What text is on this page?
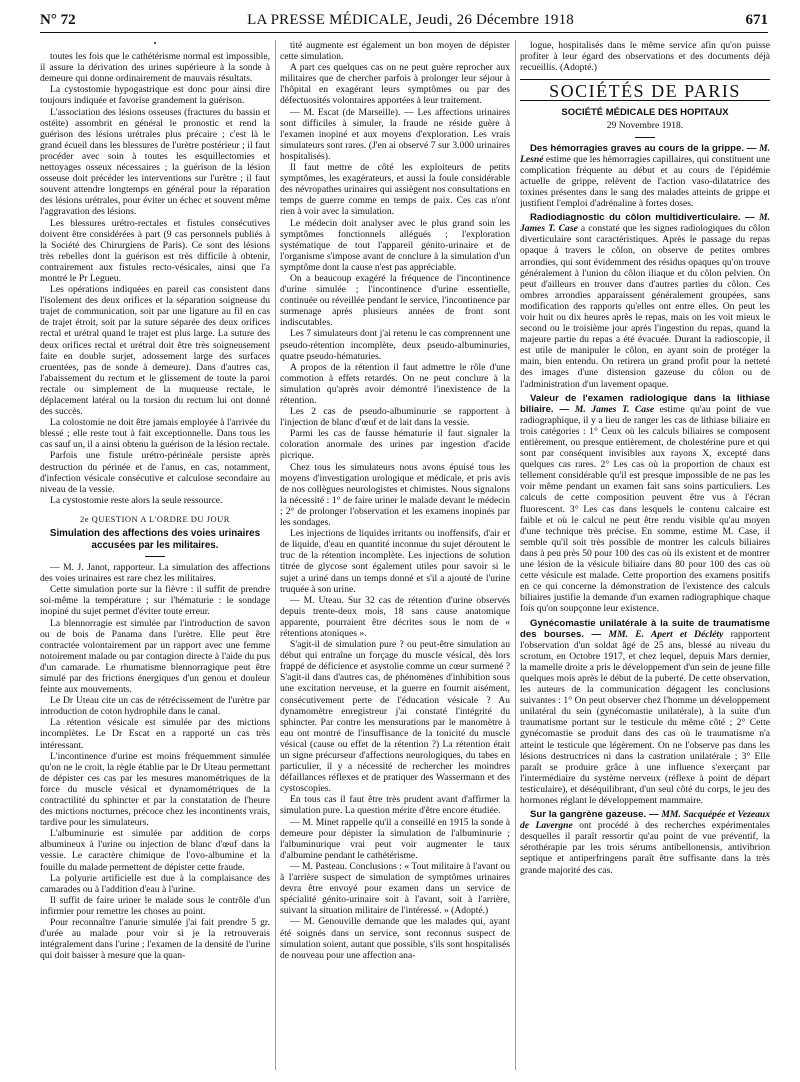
N° 72	LA PRESSE MÉDICALE, Jeudi, 26 Décembre 1918	671
•

toutes les fois que le cathétérisme normal est impossible, il assure la dérivation des urines supérieure à la sonde à demeure qui donne ordinairement de mauvais résultats.

La cystostomie hypogastrique est donc pour ainsi dire toujours indiquée et favorise grandement la guérison.

L'association des lésions osseuses (fractures du bassin et ostéite) assombrit en général le pronostic et rend la guérison des lésions urétrales plus précaire ; c'est là le grand écueil dans les blessures de l'urètre postérieur ; il faut procéder avec soin à toutes les esquillectomies et nettoyages osseux nécessaires ; la guérison de la lésion osseuse doit précéder les interventions sur l'urètre ; il faut souvent attendre longtemps en général pour la réparation des lésions urétrales, pour éviter un échec et souvent même l'aggravation des lésions.

Les blessures urétro-rectales et fistules consécutives doivent être considérées à part (9 cas personnels publiés à la Société des Chirurgiens de Paris). Ce sont des lésions très rebelles dont la guérison est très difficile à obtenir, contrairement aux fistules recto-vésicales, ainsi que l'a montré le Pr Legueu.

Les opérations indiquées en pareil cas consistent dans l'isolement des deux orifices et la séparation soigneuse du trajet de communication, soit par une ligature au fil en cas de trajet étroit, soit par la suture séparée des deux orifices rectal et urétral quand le trajet est plus large. La suture des deux orifices rectal et urétral doit être très soigneusement faite en double surjet, adossement large des surfaces cruentées, pas de sonde à demeure). Dans d'autres cas, l'abaissement du rectum et le glissement de toute la paroi rectale ou simplement de la muqueuse rectale, le déplacement latéral ou la torsion du rectum lui ont donné des succès.

La colostomie ne doit être jamais employée à l'arrivée du blessé ; elle reste tout à fait exceptionnelle. Dans tous les cas sauf un, il a ainsi obtenu la guérison de la lésion rectale.

Parfois une fistule urétro-périnéale persiste après destruction du périnée et de l'anus, en cas, notamment, d'infection vésicale consécutive et calculose secondaire au niveau de la vessie.

La cystostomie reste alors la seule ressource.

2e QUESTION A L'ORDRE DU JOUR
Simulation des affections des voies urinaires accusées par les militaires.

— M. J. Janot, rapporteur. La simulation des affections des voies urinaires est rare chez les militaires.

Cette simulation porte sur la fièvre : il suffit de prendre soi-même la température ; sur l'hématurie : le sondage inopiné du sujet permet d'éviter toute erreur.

La blennorragie est simulée par l'introduction de savon ou de bois de Panama dans l'urètre. Elle peut être contractée volontairement par un rapport avec une femme notoirement malade ou par contagion directe à l'aide du pus d'un camarade. Le rhumatisme blennorragique peut être simulé par des frictions énergiques d'un genou et douleur feinte aux mouvements.

Le Dr Uteau cite un cas de rétrécissement de l'urètre par introduction de coton hydrophile dans le canal.

La rétention vésicale est simulée par des mictions incomplètes. Le Dr Escat en a rapporté un cas très intéressant.

L'incontinence d'urine est moins fréquemment simulée qu'on ne le croit, la règle établie par le Dr Uteau permettant de dépister ces cas par les mesures manométriques de la force du muscle vésical et dynamométriques de la contractilité du sphincter et par la constatation de l'heure des mictions nocturnes, précoce chez les incontinents vrais, tardive pour les simulateurs.

L'albuminurie est simulée par addition de corps albumineux à l'urine ou injection de blanc d'œuf dans la vessie. Le caractère chimique de l'ovo-albumine et la fouille du malade permettent de dépister cette fraude.

La polyurie artificielle est due à la complaisance des camarades ou à l'addition d'eau à l'urine.

Il suffit de faire uriner le malade sous le contrôle d'un infirmier pour remettre les choses au point.

Pour reconnaître l'anurie simulée j'ai fait prendre 5 gr. d'urée au malade pour voir si je la retrouverais intégralement dans l'urine ; l'examen de la densité de l'urine qui doit baisser à mesure que la quan-

tité augmente est également un bon moyen de dépister cette simulation.

A part ces quelques cas on ne peut guère reprocher aux militaires que de chercher parfois à prolonger leur séjour à l'hôpital en exagérant leurs symptômes ou par des défectuosités volontaires apportées à leur traitement.

— M. Escat (de Marseille). — Les affections urinaires sont difficiles à simuler, la fraude ne réside guère à l'examen inopiné et aux moyens d'exploration. Les vrais simulateurs sont rares. (J'en ai observé 7 sur 3.000 urinaires hospitalisés).

Il faut mettre de côté les exploiteurs de petits symptômes, les exagérateurs, et aussi la foule considérable des névropathes urinaires qui assiègent nos consultations en temps de guerre comme en temps de paix. Ces cas n'ont rien à voir avec la simulation.

Le médecin doit analyser avec le plus grand soin les symptômes fonctionnels allégués ; l'exploration systématique de tout l'appareil génito-urinaire et de l'organisme s'impose avant de conclure à la simulation d'un symptôme dont la cause n'est pas appréciable.

On a beaucoup exagéré la fréquence de l'incontinence d'urine simulée ; l'incontinence d'urine essentielle, continuée ou réveillée pendant le service, l'incontinence par surmenage après plusieurs années de front sont indiscutables.

Les 7 simulateurs dont j'ai retenu le cas comprennent une pseudo-rétention incomplète, deux pseudo-albuminuries, quatre pseudo-hématuries.

A propos de la rétention il faut admettre le rôle d'une commotion à effets retardés. On ne peut conclure à la simulation qu'après avoir démontré l'inexistence de la rétention.

Les 2 cas de pseudo-albuminurie se rapportent à l'injection de blanc d'œuf et de lait dans la vessie.

Parmi les cas de fausse hématurie il faut signaler la coloration anormale des urines par ingestion d'acide picrique.

Chez tous les simulateurs nous avons épuisé tous les moyens d'investigation urologique et médicale, et pris avis de nos collègues neurologistes et chimistes. Nous signalons la nécessité : 1° de faire uriner le malade devant le médecin ; 2° de prolonger l'observation et les examens inopinés par les sondages.

Les injections de liquides irritants ou inoffensifs, d'air et de liquide, d'eau en quantité inconnue du sujet déroutent le truc de la rétention incomplète. Les injections de solution titrée de glycose sont également utiles pour savoir si le sujet a uriné dans un temps donné et s'il a ajouté de l'urine truquée à son urine.

— M. Uteau. Sur 32 cas de rétention d'urine observés depuis trente-deux mois, 18 sans cause anatomique apparente, pourraient être décrites sous le nom de « rétentions atoniques ».

S'agit-il de simulation pure ? ou peut-être simulation au début qui entraîne un forçage du muscle vésical, dès lors frappé de déficience et asystolie comme un cœur surmené ? S'agit-il dans d'autres cas, de phénomènes d'inhibition sous une excitation nerveuse, et la guerre en fournit aisément, consécutivement perte de l'éducation vésicale ? Au dynamomètre enregistreur j'ai constaté l'intégrité du sphincter. Par contre les mensurations par le manomètre à eau ont montré de l'insuffisance de la tonicité du muscle vésical (cause ou effet de la rétention ?) La rétention était un signe précurseur d'affections neurologiques, du tabes en particulier, il y a nécessité de rechercher les moindres défaillances réflexes et de pratiquer des Wassermann et des cystoscopies.

En tous cas il faut être très prudent avant d'affirmer la simulation pure. La question mérite d'être encore étudiée.

— M. Minet rappelle qu'il a conseillé en 1915 la sonde à demeure pour dépister la simulation de l'albuminurie ; l'albuminurique vrai peut voir augmenter le taux d'albumine pendant le cathétérisme.

— M. Pasteau. Conclusions : « Tout militaire à l'avant ou à l'arrière suspect de simulation de symptômes urinaires devra être envoyé pour examen dans un service de spécialité génito-urinaire soit à l'avant, soit à l'arrière, suivant la situation militaire de l'intéressé. » (Adopté.)

— M. Genouville demande que les malades qui, ayant été soignés dans un service, sont reconnus suspect de simulation soient, autant que possible, s'ils sont hospitalisés de nouveau pour une affection ana-

logue, hospitalisés dans le même service afin qu'on puisse profiter à leur égard des observations et des documents déjà recueillis. (Adopté.)

SOCIÉTÉS DE PARIS
SOCIÉTÉ MÉDICALE DES HOPITAUX
29 Novembre 1918.

Des hémorragies graves au cours de la grippe. — M. Lesné estime que les hémorragies capillaires, qui constituent une complication fréquente au début et au cours de l'épidémie actuelle de grippe, relèvent de l'action vaso-dilatatrice des toxines présentes dans le sang des malades atteints de grippe et justifient l'emploi d'adrénaline à fortes doses.

Radiodiagnostic du côlon multidiverticulaire. — M. James T. Case a constaté que les signes radiologiques du côlon diverticulaire sont caractéristiques. Après le passage du repas opaque à travers le côlon, on observe de petites ombres arrondies, qui sont évidemment des résidus opaques qu'on trouve généralement à l'union du côlon iliaque et du côlon pelvien. On peut d'ailleurs en trouver dans d'autres parties du côlon. Ces ombres arrondies apparaissent généralement groupées, sans modification des rapports qu'elles ont entre elles. On peut les voir huit ou dix heures après le repas, mais on les voit mieux le second ou le troisième jour après l'ingestion du repas, quand la majeure partie du repas a été évacuée. Durant la radioscopie, il est utile de manipuler le côlon, en ayant soin de protéger la main, bien entendu. On retirera un grand profit pour la netteté des images d'une distension gazeuse du côlon ou de l'administration d'un lavement opaque.

Valeur de l'examen radiologique dans la lithiase biliaire. — M. James T. Case estime qu'au point de vue radiographique, il y a lieu de ranger les cas de lithiase biliaire en trois catégories : 1° Ceux où les calculs biliaires se composent entièrement, ou presque entièrement, de cholestérine pure et qui sont par conséquent invisibles aux rayons X, excepté dans quelques cas rares. 2° Les cas où la proportion de chaux est tellement considérable qu'il est presque impossible de ne pas les voir même pendant un examen fait sans soins particuliers. Les calculs de cette composition peuvent être vus à l'écran fluorescent. 3° Les cas dans lesquels le contenu calcaire est faible et où le calcul ne peut être rendu visible qu'au moyen d'une technique très précise. En somme, estime M. Case, il semble qu'il soit très possible de montrer les calculs biliaires dans à peu près 50 pour 100 des cas où ils existent et de montrer une lésion de la vésicule biliaire dans 80 pour 100 des cas où cette vésicule est malade. Cette proportion des examens positifs en ce qui concerne la démonstration de l'existence des calculs biliaires justifie la demande d'un examen radiographique chaque fois qu'on soupçonne leur existence.

Gynécomastie unilatérale à la suite de traumatisme des bourses. — MM. E. Apert et Décléty rapportent l'observation d'un soldat âgé de 25 ans, blessé au niveau du scrotum, en Octobre 1917, et chez lequel, depuis Mars dernier, la mamelle droite a pris le développement d'un sein de jeune fille quelques mois après le début de la puberté. De cette observation, les auteurs de la communication dégagent les conclusions suivantes : 1° On peut observer chez l'homme un développement unilatéral du sein (gynécomastie unilatérale), à la suite d'un traumatisme portant sur le testicule du même côté ; 2° Cette gynécomastie se produit dans des cas où le traumatisme n'a atteint le testicule que légèrement. On ne l'observe pas dans les lésions destructrices ni dans la castration unilatérale ; 3° Elle paraît se produire grâce à une influence s'exerçant par l'intermédiaire du système nerveux (réflexe à point de départ testiculaire), et déséquilibrant, d'un seul côté du corps, le jeu des hormones réglant le développement mammaire.

Sur la gangrène gazeuse. — MM. Sacquépée et Vezeaux de Lavergne ont procédé à des recherches expérimentales desquelles il paraît ressortir qu'au point de vue préventif, la sérothérapie par les trois sérums antibellonensis, antivibrion septique et antiperfringens paraît être suffisante dans la très grande majorité des cas.
